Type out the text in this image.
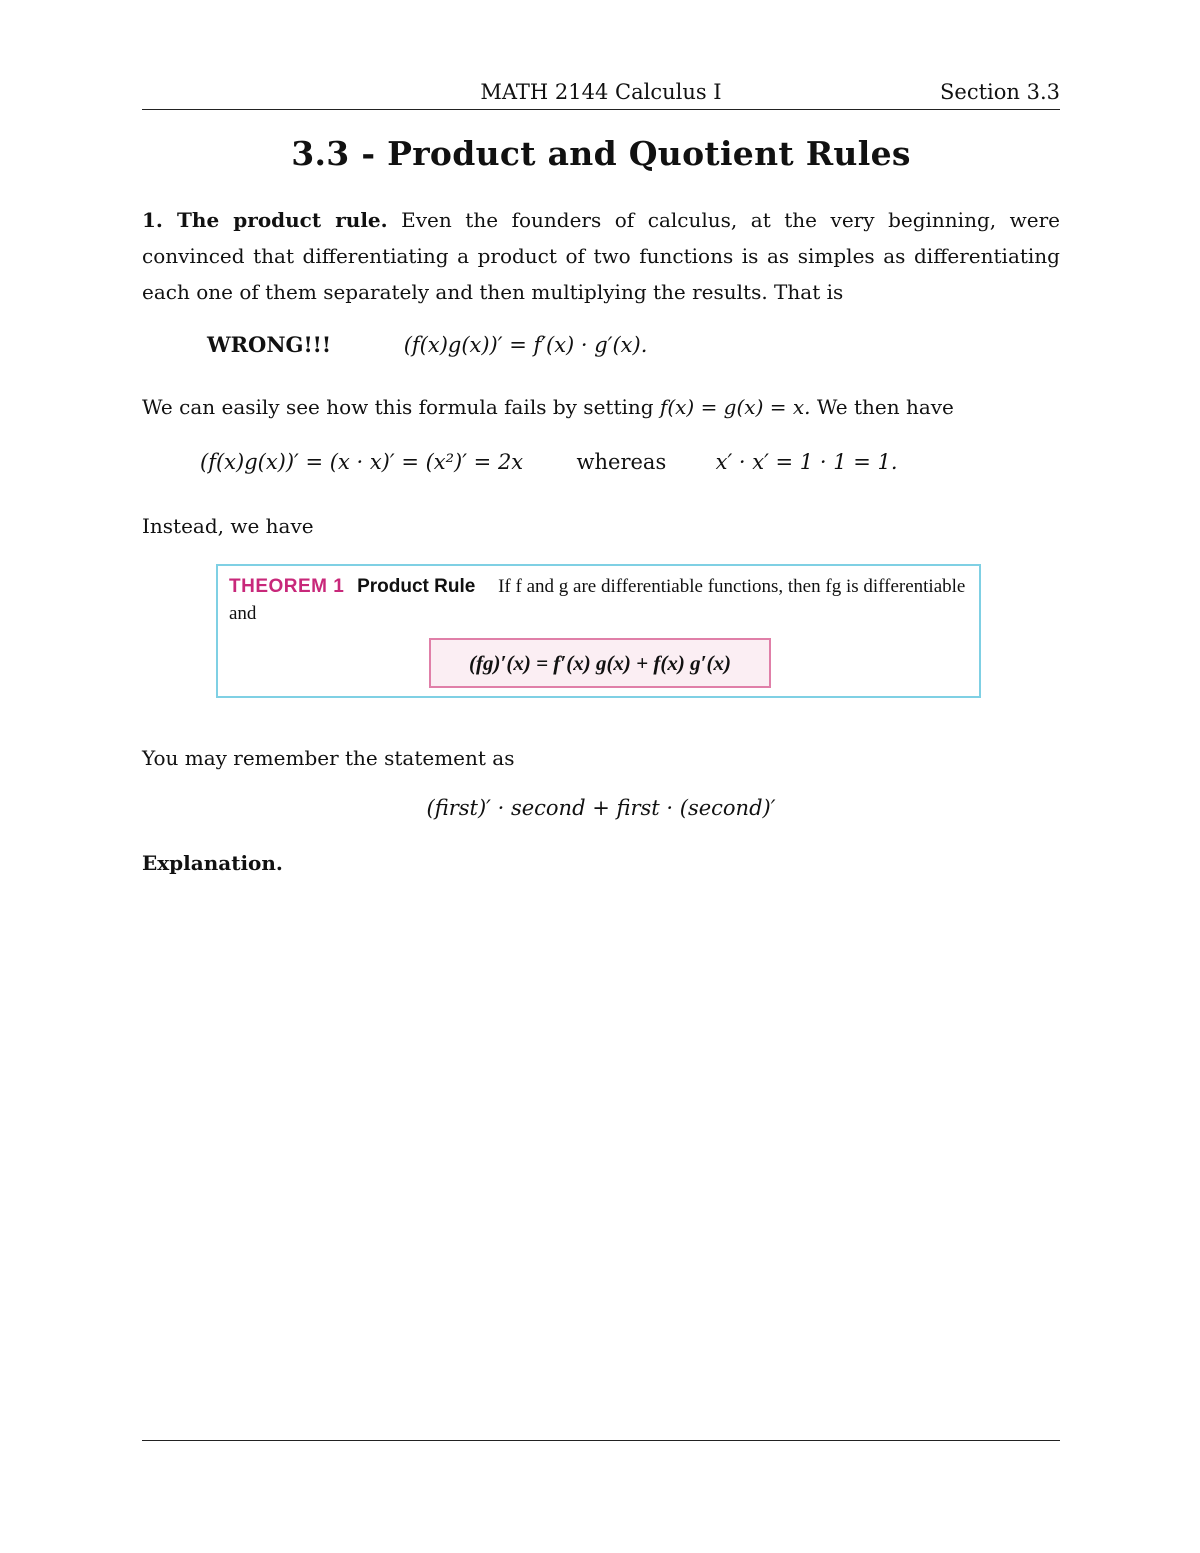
MATH 2144 Calculus I	Section 3.3
3.3 - Product and Quotient Rules
1. The product rule. Even the founders of calculus, at the very beginning, were convinced that differentiating a product of two functions is as simples as differentiating each one of them separately and then multiplying the results. That is
WRONG!!!	(f(x)g(x))′ = f′(x) · g′(x).
We can easily see how this formula fails by setting f(x) = g(x) = x. We then have
(f(x)g(x))′ = (x · x)′ = (x²)′ = 2x	whereas x′ · x′ = 1 · 1 = 1.
Instead, we have
THEOREM 1 Product Rule If f and g are differentiable functions, then fg is differentiable and
(fg)′(x) = f′(x) g(x) + f(x) g′(x)
You may remember the statement as
(first)′ · second + first · (second)′
Explanation.
